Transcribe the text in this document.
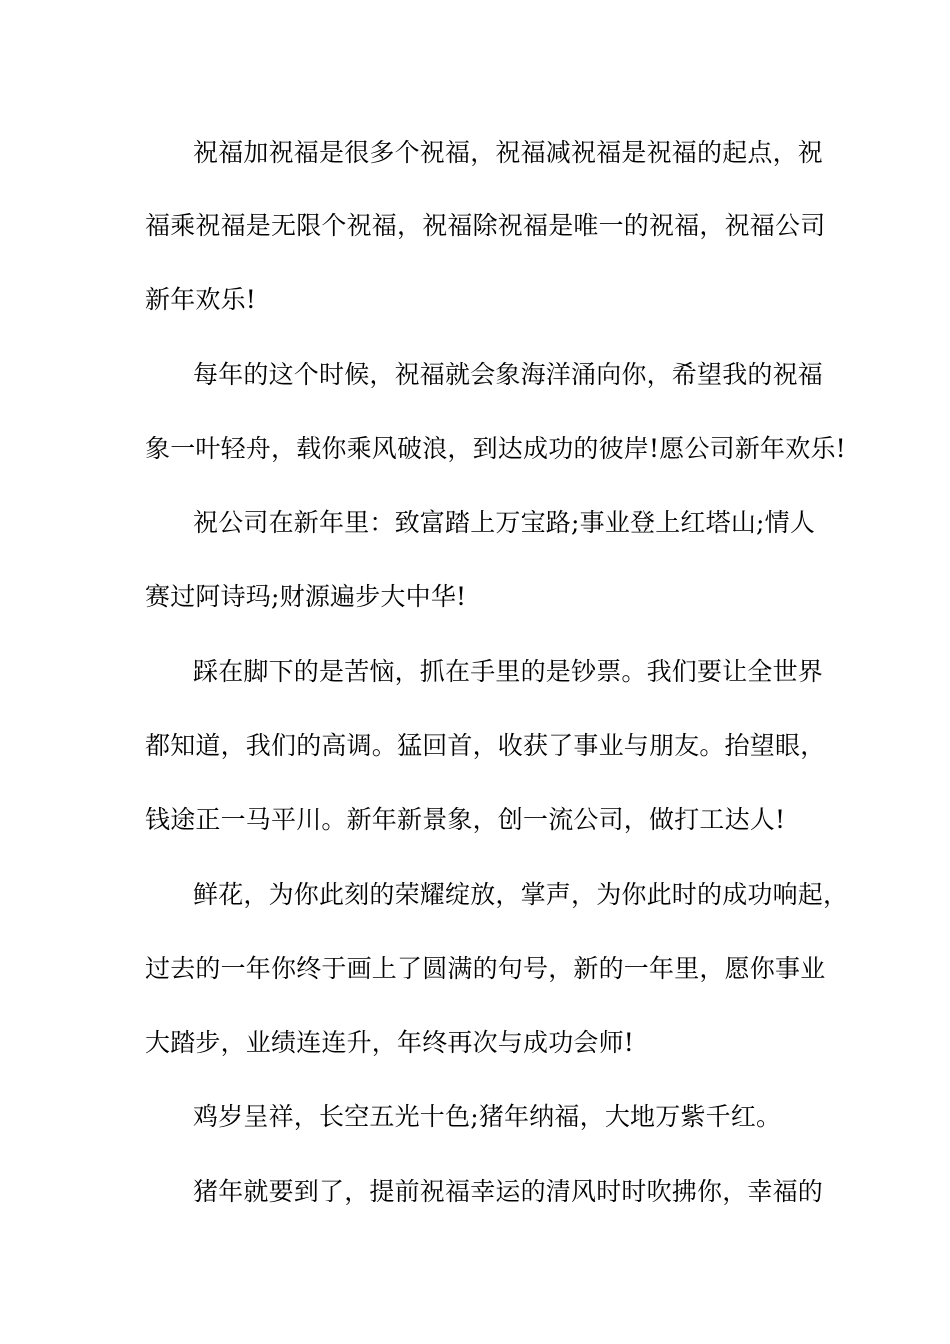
祝福加祝福是很多个祝福，祝福减祝福是祝福的起点，祝
福乘祝福是无限个祝福，祝福除祝福是唯一的祝福，祝福公司
新年欢乐!
每年的这个时候，祝福就会象海洋涌向你，希望我的祝福
象一叶轻舟，载你乘风破浪，到达成功的彼岸!愿公司新年欢乐!
祝公司在新年里：致富踏上万宝路;事业登上红塔山;情人
赛过阿诗玛;财源遍步大中华!
踩在脚下的是苦恼，抓在手里的是钞票。我们要让全世界
都知道，我们的高调。猛回首，收获了事业与朋友。抬望眼，
钱途正一马平川。新年新景象，创一流公司，做打工达人!
鲜花，为你此刻的荣耀绽放，掌声，为你此时的成功响起，
过去的一年你终于画上了圆满的句号，新的一年里，愿你事业
大踏步，业绩连连升，年终再次与成功会师!
鸡岁呈祥，长空五光十色;猪年纳福，大地万紫千红。
猪年就要到了，提前祝福幸运的清风时时吹拂你，幸福的
